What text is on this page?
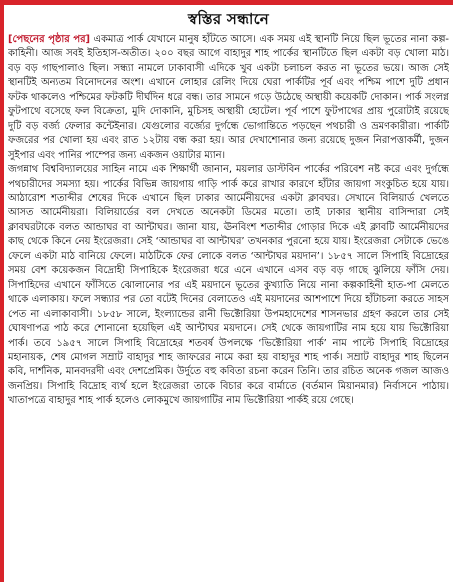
স্বস্তির সন্ধানে

[পেছনের পৃষ্ঠার পর] একমাত্র পার্ক যেখানে মানুষ হাঁটতে আসে। এক সময় এই স্থানটি নিয়ে ছিল ভূতের নানা কল্প-কাহিনী। আজ সবই ইতিহাস-অতীত। ২০০ বছর আগে বাহাদুর শাহ পার্কের স্থানটিতে ছিল একটা বড় খোলা মাঠ। বড় বড় গাছপালাও ছিল। সন্ধ্যা নামলে ঢাকাবাসী এদিকে খুব একটা চলাচল করত না ভূতের ভয়ে। আজ সেই স্থানটিই অন্যতম বিনোদনের অংশ। এখানে লোহার রেলিং দিয়ে ঘেরা পার্কটির পূর্ব এবং পশ্চিম পাশে দুটি প্রধান ফটক থাকলেও পশ্চিমের ফটকটি দীর্ঘদিন ধরে বন্ধ। তার সামনে গড়ে উঠেছে অস্থায়ী কয়েকটি দোকান। পার্ক সংলগ্ন ফুটপাথে বসেছে ফল বিক্রেতা, মুদি দোকানি, মুচিসহ অস্থায়ী হোটেল। পূর্ব পাশে ফুটপাথের প্রায় পুরোটাই রয়েছে দুটি বড় বর্জ্য ফেলার কন্টেইনার। যেগুলোর বর্জ্যের দুর্গন্ধে ভোগান্তিতে পড়ছেন পথচারী ও ভ্রমণকারীরা। পার্কটি ফজরের পর খোলা হয় এবং রাত ১২টায় বন্ধ করা হয়। আর দেখাশোনার জন্য রয়েছে দুজন নিরাপত্তাকর্মী, দুজন সুইপার এবং পানির পাম্পের জন্য একজন ওয়াটার ম্যান।

জগন্নাথ বিশ্ববিদ্যালয়ের সাহিন নামে এক শিক্ষার্থী জানান, ময়লার ডাস্টবিন পার্কের পরিবেশ নষ্ট করে এবং দুর্গন্ধে পথচারীদের সমস্যা হয়। পার্কের বিভিন্ন জায়গায় গাড়ি পার্ক করে রাখার কারণে হাঁটার জায়গা সংকুচিত হয়ে যায়। আঠারোশ শতাব্দীর শেষের দিকে এখানে ছিল ঢাকার আর্মেনীয়দের একটা ক্লাবঘর। সেখানে বিলিয়ার্ড খেলতে আসত আর্মেনীয়রা। বিলিয়ার্ডের বল দেখতে অনেকটা ডিমের মতো। তাই ঢাকার স্থানীয় বাসিন্দারা সেই ক্লাবঘরটাকে বলত আন্ডাঘর বা আন্টাঘর। জানা যায়, ঊনবিংশ শতাব্দীর গোড়ার দিকে এই ক্লাবটি আর্মেনীয়দের কাছ থেকে কিনে নেয় ইংরেজরা। সেই ‘আন্ডাঘর বা আন্টাঘর’ তখনকার পুরনো হয়ে যায়। ইংরেজরা সেটাকে ভেঙে ফেলে একটা মাঠ বানিয়ে ফেলে। মাঠটিকে ফের লোকে বলত ‘আন্টাঘর ময়দান’। ১৮৫৭ সালে সিপাহি বিদ্রোহের সময় বেশ কয়েকজন বিদ্রোহী সিপাহিকে ইংরেজরা ধরে এনে এখানে এসব বড় বড় গাছে ঝুলিয়ে ফাঁসি দেয়। সিপাহিদের এখানে ফাঁসিতে ঝোলানোর পর এই ময়দানে ভূতের কুখ্যাতি নিয়ে নানা কল্পকাহিনী হাত-পা মেলতে থাকে এলাকায়। ফলে সন্ধ্যার পর তো বটেই দিনের বেলাতেও এই ময়দানের আশপাশে দিয়ে হাঁটাচলা করতে সাহস পেত না এলাকাবাসী। ১৮৫৮ সালে, ইংল্যান্ডের রানী ভিক্টোরিয়া উপমহাদেশের শাসনভার গ্রহণ করলে তার সেই ঘোষণাপত্র পাঠ করে শোনানো হয়েছিল এই আন্টাঘর ময়দানে। সেই থেকে জায়গাটির নাম হয়ে যায় ভিক্টোরিয়া পার্ক। তবে ১৯৫৭ সালে সিপাহি বিদ্রোহের শতবর্ষ উপলক্ষে ‘ভিক্টোরিয়া পার্ক’ নাম পাল্টে সিপাহি বিদ্রোহের মহানায়ক, শেষ মোগল সম্রাট বাহাদুর শাহ জাফরের নামে করা হয় বাহাদুর শাহ পার্ক। সম্রাট বাহাদুর শাহ ছিলেন কবি, দার্শনিক, মানবদরদী এবং দেশপ্রেমিক। উর্দুতে বহু কবিতা রচনা করেন তিনি। তার রচিত অনেক গজল আজও জনপ্রিয়। সিপাহি বিদ্রোহ ব্যর্থ হলে ইংরেজরা তাকে বিচার করে বার্মাতে (বর্তমান মিয়ানমার) নির্বাসনে পাঠায়। খাতাপত্রে বাহাদুর শাহ পার্ক হলেও লোকমুখে জায়গাটির নাম ভিক্টোরিয়া পার্কই রয়ে গেছে।
